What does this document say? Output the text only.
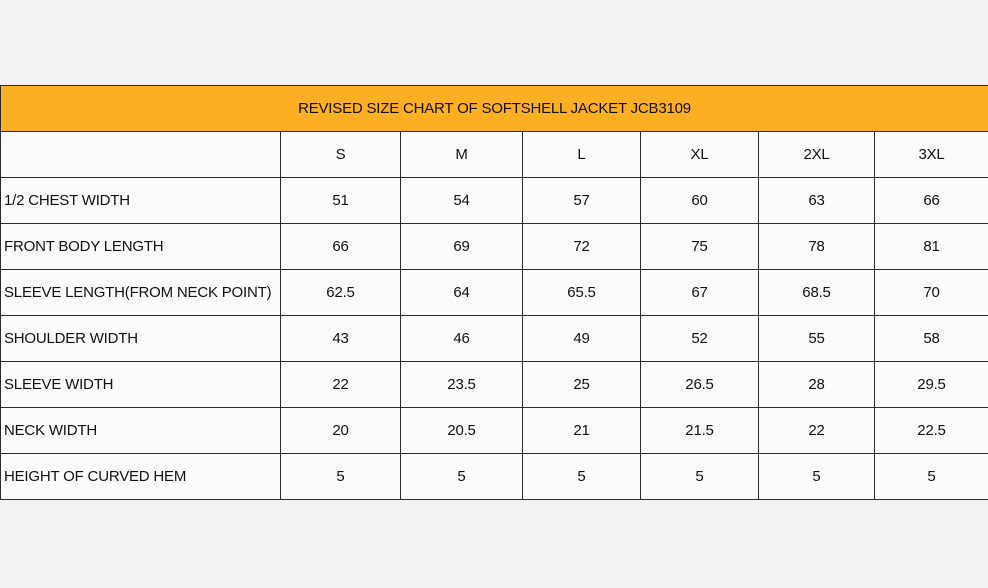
REVISED SIZE CHART OF SOFTSHELL JACKET JCB3109						
	S	M	L	XL	2XL	3XL
1/2 CHEST WIDTH	51	54	57	60	63	66
FRONT BODY LENGTH	66	69	72	75	78	81
SLEEVE LENGTH(FROM NECK POINT)	62.5	64	65.5	67	68.5	70
SHOULDER WIDTH	43	46	49	52	55	58
SLEEVE WIDTH	22	23.5	25	26.5	28	29.5
NECK WIDTH	20	20.5	21	21.5	22	22.5
HEIGHT OF CURVED HEM	5	5	5	5	5	5
